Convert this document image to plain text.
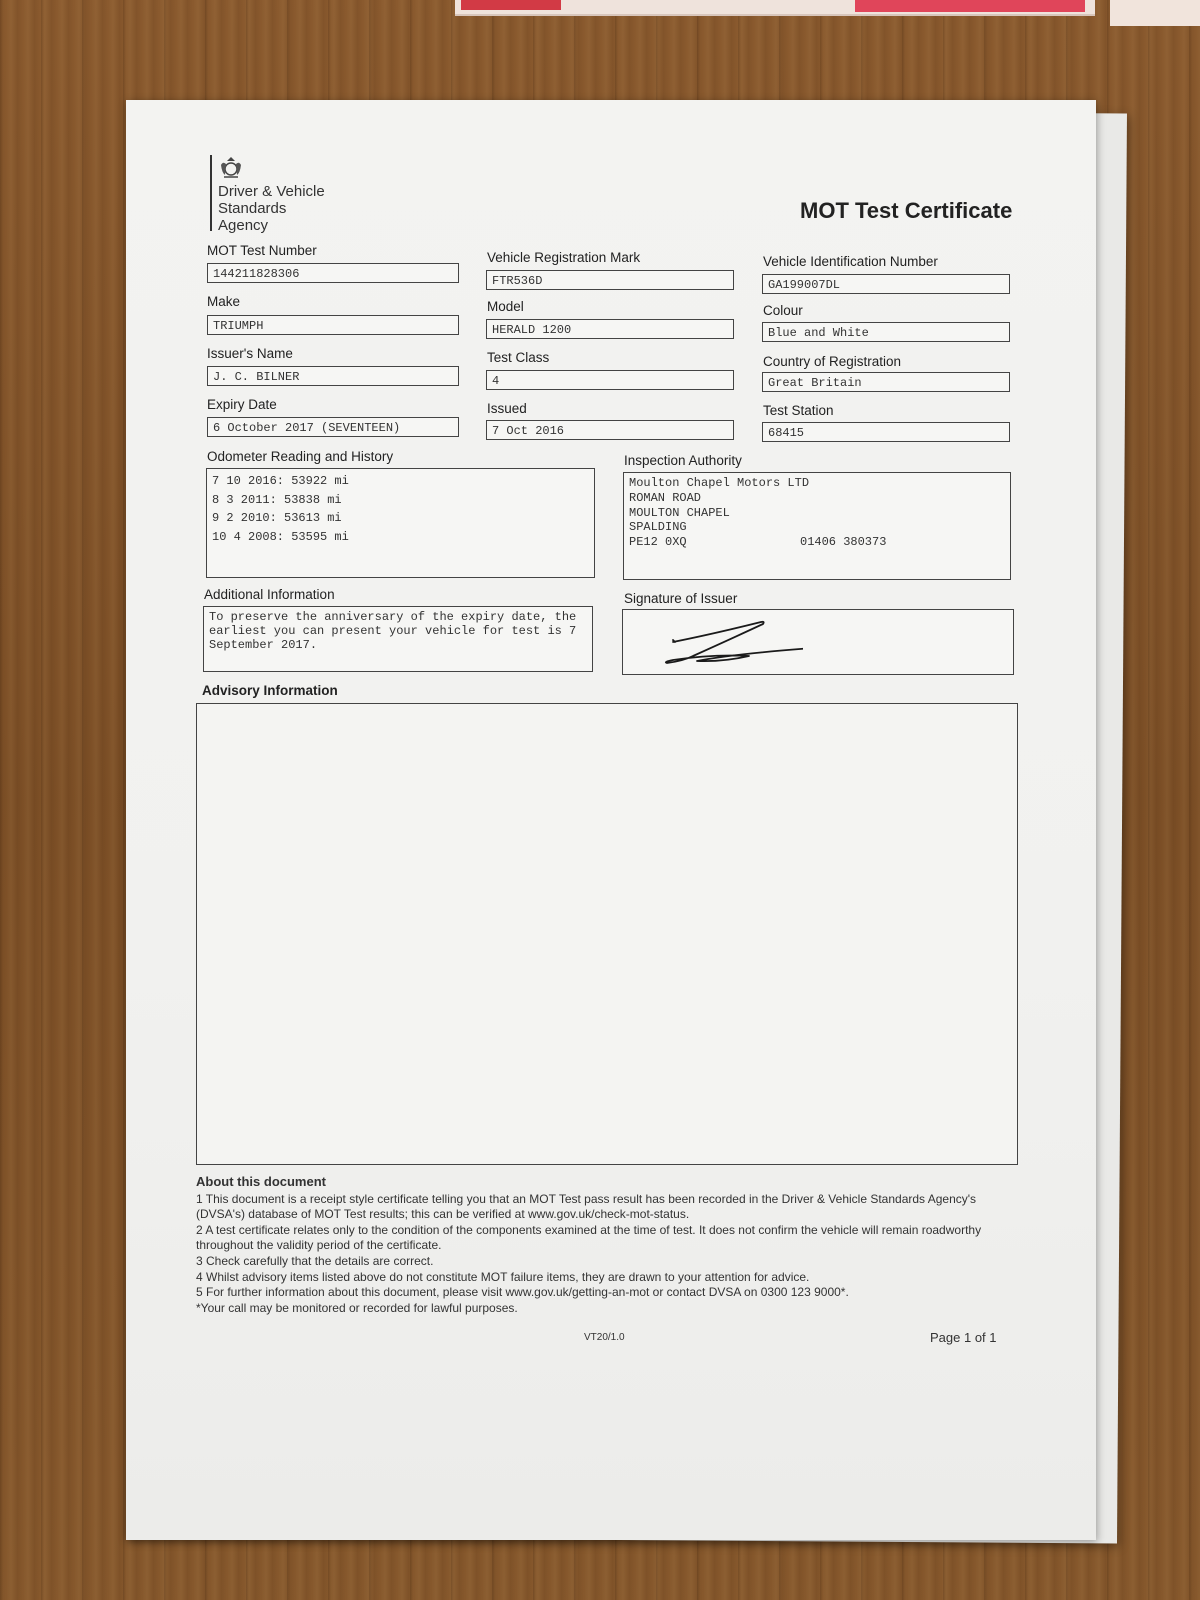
Driver & Vehicle
Standards
Agency
MOT Test Certificate
MOT Test Number
144211828306
Vehicle Registration Mark
FTR536D
Vehicle Identification Number
GA199007DL
Make
TRIUMPH
Model
HERALD 1200
Colour
Blue and White
Issuer's Name
J. C. BILNER
Test Class
4
Country of Registration
Great Britain
Expiry Date
6 October 2017 (SEVENTEEN)
Issued
7 Oct 2016
Test Station
68415
Odometer Reading and History
7 10 2016: 53922 mi
8 3 2011: 53838 mi
9 2 2010: 53613 mi
10 4 2008: 53595 mi
Inspection Authority
Moulton Chapel Motors LTD
ROMAN ROAD
MOULTON CHAPEL
SPALDING
PE12 0XQ	01406 380373
Additional Information
To preserve the anniversary of the expiry date, the earliest you can present your vehicle for test is 7 September 2017.
Signature of Issuer

Advisory Information
About this document

1 This document is a receipt style certificate telling you that an MOT Test pass result has been recorded in the Driver & Vehicle Standards Agency's (DVSA's) database of MOT Test results; this can be verified at www.gov.uk/check-mot-status.

2 A test certificate relates only to the condition of the components examined at the time of test. It does not confirm the vehicle will remain roadworthy throughout the validity period of the certificate.

3 Check carefully that the details are correct.

4 Whilst advisory items listed above do not constitute MOT failure items, they are drawn to your attention for advice.

5 For further information about this document, please visit www.gov.uk/getting-an-mot or contact DVSA on 0300 123 9000*.

*Your call may be monitored or recorded for lawful purposes.

VT20/1.0	Page 1 of 1
